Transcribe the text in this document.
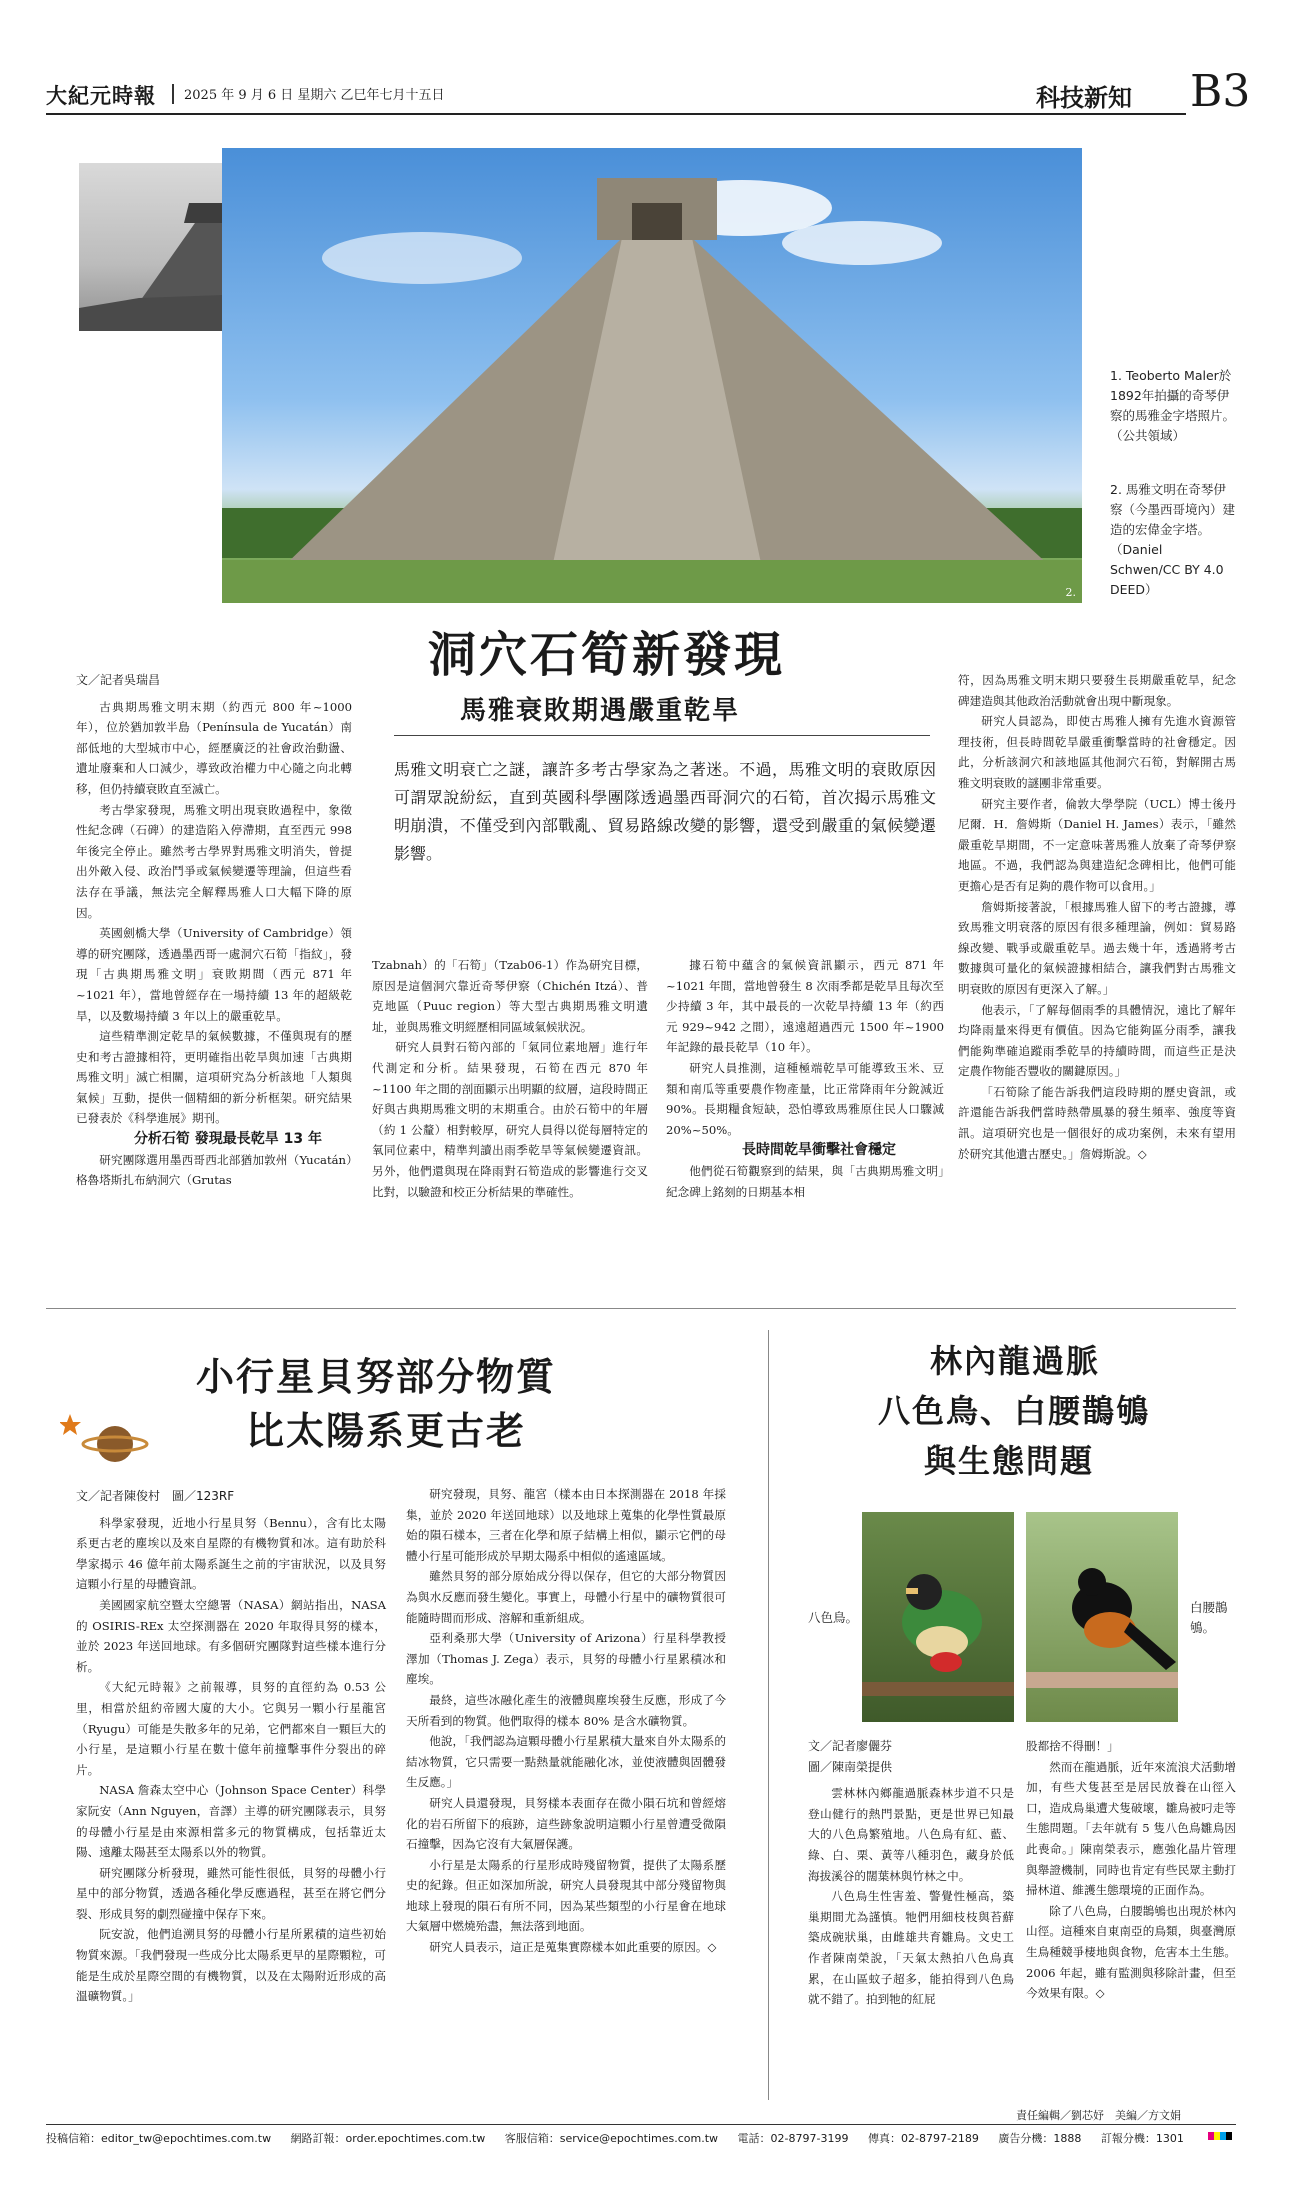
大紀元時報 2025 年 9 月 6 日 星期六 乙巳年七月十五日	科技新知 B3
2.
1. Teoberto Maler於1892年拍攝的奇琴伊察的馬雅金字塔照片。（公共領域）
2. 馬雅文明在奇琴伊察（今墨西哥境內）建造的宏偉金字塔。（Daniel Schwen/CC BY 4.0 DEED）
洞穴石筍新發現
馬雅衰敗期遇嚴重乾旱
馬雅文明衰亡之謎，讓許多考古學家為之著迷。不過，馬雅文明的衰敗原因可謂眾說紛紜，直到英國科學團隊透過墨西哥洞穴的石筍，首次揭示馬雅文明崩潰，不僅受到內部戰亂、貿易路線改變的影響，還受到嚴重的氣候變遷影響。

文／記者吳瑞昌

古典期馬雅文明末期（約西元 800 年~1000 年），位於猶加敦半島（Península de Yucatán）南部低地的大型城市中心，經歷廣泛的社會政治動盪、遺址廢棄和人口減少，導致政治權力中心隨之向北轉移，但仍持續衰敗直至滅亡。

考古學家發現，馬雅文明出現衰敗過程中，象徵性紀念碑（石碑）的建造陷入停滯期，直至西元 998 年後完全停止。雖然考古學界對馬雅文明消失，曾提出外敵入侵、政治鬥爭或氣候變遷等理論，但這些看法存在爭議，無法完全解釋馬雅人口大幅下降的原因。

英國劍橋大學（University of Cambridge）領導的研究團隊，透過墨西哥一處洞穴石筍「指紋」，發現「古典期馬雅文明」衰敗期間（西元 871 年~1021 年），當地曾經存在一場持續 13 年的超級乾旱，以及數場持續 3 年以上的嚴重乾旱。

這些精準測定乾旱的氣候數據，不僅與現有的歷史和考古證據相符，更明確指出乾旱與加速「古典期馬雅文明」滅亡相關，這項研究為分析該地「人類與氣候」互動，提供一個精細的新分析框架。研究結果已發表於《科學進展》期刊。

分析石筍 發現最長乾旱 13 年

研究團隊選用墨西哥西北部猶加敦州（Yucatán）格魯塔斯扎布納洞穴（Grutas

Tzabnah）的「石筍」（Tzab06-1）作為研究目標，原因是這個洞穴靠近奇琴伊察（Chichén Itzá）、普克地區（Puuc region）等大型古典期馬雅文明遺址，並與馬雅文明經歷相同區域氣候狀況。

研究人員對石筍內部的「氣同位素地層」進行年代測定和分析。結果發現，石筍在西元 870 年~1100 年之間的剖面顯示出明顯的紋層，這段時間正好與古典期馬雅文明的末期重合。由於石筍中的年層（約 1 公釐）相對較厚，研究人員得以從每層特定的氧同位素中，精準判讀出雨季乾旱等氣候變遷資訊。另外，他們還與現在降雨對石筍造成的影響進行交叉比對，以驗證和校正分析結果的準確性。

據石筍中蘊含的氣候資訊顯示，西元 871 年~1021 年間，當地曾發生 8 次雨季都是乾旱且每次至少持續 3 年，其中最長的一次乾旱持續 13 年（約西元 929~942 之間），遠遠超過西元 1500 年~1900 年記錄的最長乾旱（10 年）。

研究人員推測，這種極端乾旱可能導致玉米、豆類和南瓜等重要農作物產量，比正常降雨年分銳減近 90%。長期糧食短缺，恐怕導致馬雅原住民人口驟減 20%~50%。

長時間乾旱衝擊社會穩定

他們從石筍觀察到的結果，與「古典期馬雅文明」紀念碑上銘刻的日期基本相

符，因為馬雅文明末期只要發生長期嚴重乾旱，紀念碑建造與其他政治活動就會出現中斷現象。

研究人員認為，即使古馬雅人擁有先進水資源管理技術，但長時間乾旱嚴重衝擊當時的社會穩定。因此，分析該洞穴和該地區其他洞穴石筍，對解開古馬雅文明衰敗的謎團非常重要。

研究主要作者，倫敦大學學院（UCL）博士後丹尼爾．H．詹姆斯（Daniel H. James）表示，「雖然嚴重乾旱期間，不一定意味著馬雅人放棄了奇琴伊察地區。不過，我們認為與建造紀念碑相比，他們可能更擔心是否有足夠的農作物可以食用。」

詹姆斯接著說，「根據馬雅人留下的考古證據，導致馬雅文明衰落的原因有很多種理論，例如：貿易路線改變、戰爭或嚴重乾旱。過去幾十年，透過將考古數據與可量化的氣候證據相結合，讓我們對古馬雅文明衰敗的原因有更深入了解。」

他表示，「了解每個雨季的具體情況，遠比了解年均降雨量來得更有價值。因為它能夠區分雨季，讓我們能夠準確追蹤雨季乾旱的持續時間，而這些正是決定農作物能否豐收的關鍵原因。」

「石筍除了能告訴我們這段時期的歷史資訊，或許還能告訴我們當時熱帶風暴的發生頻率、強度等資訊。這項研究也是一個很好的成功案例，未來有望用於研究其他遺古歷史。」詹姆斯說。◇

小行星貝努部分物質
比太陽系更古老

文／記者陳俊村　圖／123RF

科學家發現，近地小行星貝努（Bennu），含有比太陽系更古老的塵埃以及來自星際的有機物質和冰。這有助於科學家揭示 46 億年前太陽系誕生之前的宇宙狀況，以及貝努這顆小行星的母體資訊。

美國國家航空暨太空總署（NASA）網站指出，NASA 的 OSIRIS-REx 太空探測器在 2020 年取得貝努的樣本，並於 2023 年送回地球。有多個研究團隊對這些樣本進行分析。

《大紀元時報》之前報導，貝努的直徑約為 0.53 公里，相當於紐約帝國大廈的大小。它與另一顆小行星龍宮（Ryugu）可能是失散多年的兄弟，它們都來自一顆巨大的小行星，是這顆小行星在數十億年前撞擊事件分裂出的碎片。

NASA 詹森太空中心（Johnson Space Center）科學家阮安（Ann Nguyen，音譯）主導的研究團隊表示，貝努的母體小行星是由來源相當多元的物質構成，包括靠近太陽、遠離太陽甚至太陽系以外的物質。

研究團隊分析發現，雖然可能性很低，貝努的母體小行星中的部分物質，透過各種化學反應過程，甚至在將它們分裂、形成貝努的劇烈碰撞中保存下來。

阮安說，他們追溯貝努的母體小行星所累積的這些初始物質來源。「我們發現一些成分比太陽系更早的星際顆粒，可能是生成於星際空間的有機物質，以及在太陽附近形成的高溫礦物質。」

研究發現，貝努、龍宮（樣本由日本探測器在 2018 年採集，並於 2020 年送回地球）以及地球上蒐集的化學性質最原始的隕石樣本，三者在化學和原子結構上相似，顯示它們的母體小行星可能形成於早期太陽系中相似的遙遠區域。

雖然貝努的部分原始成分得以保存，但它的大部分物質因為與水反應而發生變化。事實上，母體小行星中的礦物質很可能隨時間而形成、溶解和重新組成。

亞利桑那大學（University of Arizona）行星科學教授澤加（Thomas J. Zega）表示，貝努的母體小行星累積冰和塵埃。

最終，這些冰融化產生的液體與塵埃發生反應，形成了今天所看到的物質。他們取得的樣本 80% 是含水礦物質。

他說，「我們認為這顆母體小行星累積大量來自外太陽系的結冰物質，它只需要一點熱量就能融化冰，並使液體與固體發生反應。」

研究人員還發現，貝努樣本表面存在微小隕石坑和曾經熔化的岩石所留下的痕跡，這些跡象說明這顆小行星曾遭受微隕石撞擊，因為它沒有大氣層保護。

小行星是太陽系的行星形成時殘留物質，提供了太陽系歷史的紀錄。但正如深加所說，研究人員發現其中部分殘留物與地球上發現的隕石有所不同，因為某些類型的小行星會在地球大氣層中燃燒殆盡，無法落到地面。

研究人員表示，這正是蒐集實際樣本如此重要的原因。◇

林內龍過脈
八色鳥、白腰鵲鴝
與生態問題
八色鳥。
白腰鵲鴝。

文／記者廖儷芬
圖／陳南榮提供

雲林林內鄉龍過脈森林步道不只是登山健行的熱門景點，更是世界已知最大的八色鳥繁殖地。八色鳥有紅、藍、綠、白、栗、黃等八種羽色，藏身於低海拔溪谷的闊葉林與竹林之中。

八色鳥生性害羞、警覺性極高，築巢期間尤為謹慎。牠們用細枝枝與苔蘚築成碗狀巢，由雌雄共育雛鳥。文史工作者陳南榮說，「天氣太熱拍八色鳥真累，在山區蚊子超多，能拍得到八色鳥就不錯了。拍到牠的紅屁

股都捨不得刪！」

然而在龍過脈，近年來流浪犬活動增加，有些犬隻甚至是居民放養在山徑入口，造成鳥巢遭犬隻破壞，雛鳥被叼走等生態問題。「去年就有 5 隻八色鳥雛鳥因此喪命。」陳南榮表示，應強化晶片管理與舉證機制，同時也肯定有些民眾主動打掃林道、維護生態環境的正面作為。

除了八色鳥，白腰鵲鴝也出現於林內山徑。這種來自東南亞的鳥類，與臺灣原生鳥種競爭棲地與食物，危害本土生態。2006 年起，雖有監測與移除計畫，但至今效果有限。◇

責任編輯／劉芯妤　美編／方文娟
投稿信箱：editor_tw@epochtimes.com.tw 網路訂報：order.epochtimes.com.tw 客服信箱：service@epochtimes.com.tw 電話：02-8797-3199 傳真：02-8797-2189 廣告分機：1888 訂報分機：1301
